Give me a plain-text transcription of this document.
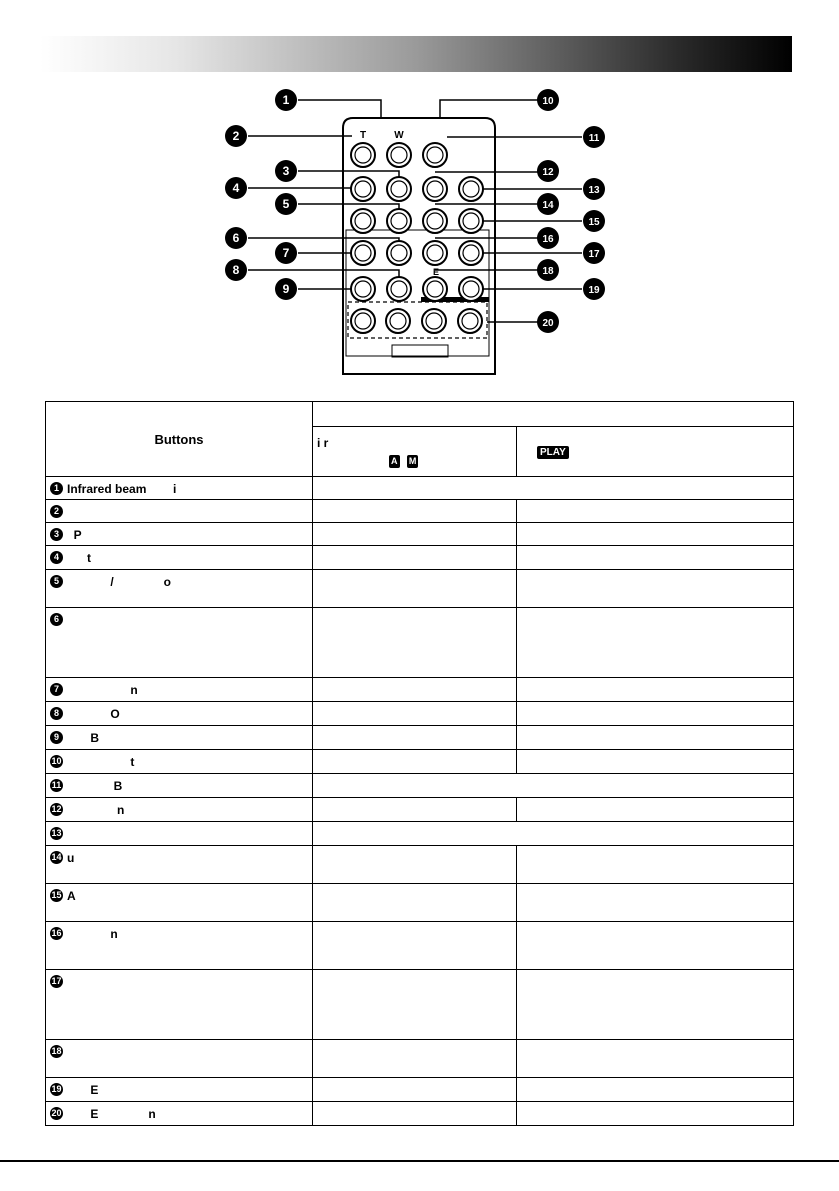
T	W
E
1
2
3
4
5
6
7
8
9
10
11
12
13
14
15
16
17
18
19
20
Buttons		

	i r
A M	PLAY
1 Infrared beam        i		
2		
3  P		
4      t		
5             /               o		
6		
7                   n		
8             O		
9       B		
10                   t		
11              B		
12               n		
13		
14 u		
15 A		
16             n		
17		
18		
19       E		
20       E               n		
